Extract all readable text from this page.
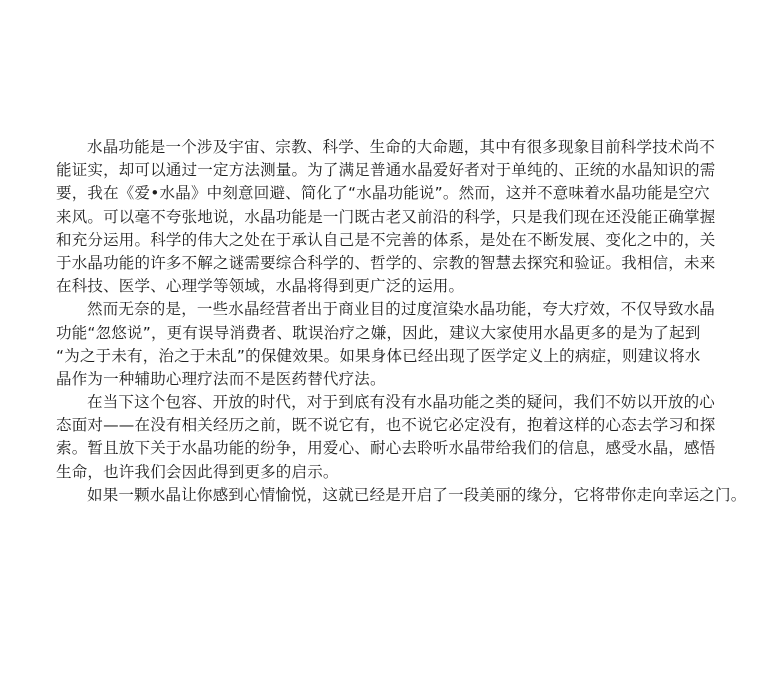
水晶功能是一个涉及宇宙、宗教、科学、生命的大命题，其中有很多现象目前科学技术尚不
能证实，却可以通过一定方法测量。为了满足普通水晶爱好者对于单纯的、正统的水晶知识的需
要，我在《爱•水晶》中刻意回避、简化了“水晶功能说”。然而，这并不意味着水晶功能是空穴
来风。可以毫不夸张地说，水晶功能是一门既古老又前沿的科学，只是我们现在还没能正确掌握
和充分运用。科学的伟大之处在于承认自己是不完善的体系，是处在不断发展、变化之中的，关
于水晶功能的许多不解之谜需要综合科学的、哲学的、宗教的智慧去探究和验证。我相信，未来
在科技、医学、心理学等领域，水晶将得到更广泛的运用。
然而无奈的是，一些水晶经营者出于商业目的过度渲染水晶功能，夸大疗效，不仅导致水晶
功能“忽悠说”，更有误导消费者、耽误治疗之嫌，因此，建议大家使用水晶更多的是为了起到
“为之于未有，治之于未乱”的保健效果。如果身体已经出现了医学定义上的病症，则建议将水
晶作为一种辅助心理疗法而不是医药替代疗法。
在当下这个包容、开放的时代，对于到底有没有水晶功能之类的疑问，我们不妨以开放的心
态面对——在没有相关经历之前，既不说它有，也不说它必定没有，抱着这样的心态去学习和探
索。暂且放下关于水晶功能的纷争，用爱心、耐心去聆听水晶带给我们的信息，感受水晶，感悟
生命，也许我们会因此得到更多的启示。
如果一颗水晶让你感到心情愉悦，这就已经是开启了一段美丽的缘分，它将带你走向幸运之门。
